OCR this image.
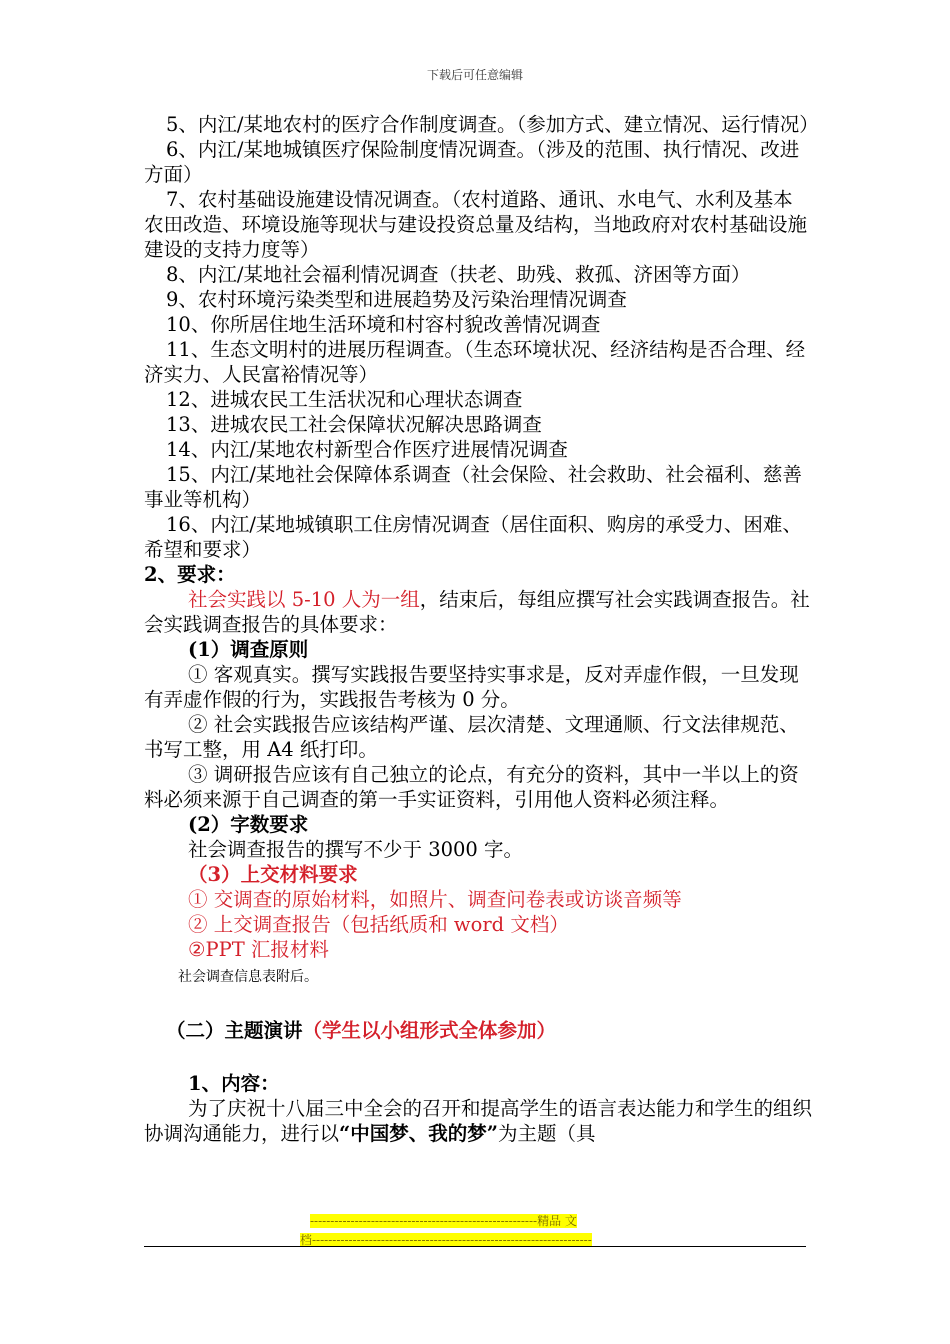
下载后可任意编辑

5、内江/某地农村的医疗合作制度调查。（参加方式、建立情况、运行情况）

6、内江/某地城镇医疗保险制度情况调查。（涉及的范围、执行情况、改进方面）

7、农村基础设施建设情况调查。（农村道路、通讯、水电气、水利及基本农田改造、环境设施等现状与建设投资总量及结构，当地政府对农村基础设施建设的支持力度等）

8、内江/某地社会福利情况调查（扶老、助残、救孤、济困等方面）

9、农村环境污染类型和进展趋势及污染治理情况调查

10、你所居住地生活环境和村容村貌改善情况调查

11、生态文明村的进展历程调查。（生态环境状况、经济结构是否合理、经济实力、人民富裕情况等）

12、进城农民工生活状况和心理状态调查

13、进城农民工社会保障状况解决思路调查

14、内江/某地农村新型合作医疗进展情况调查

15、内江/某地社会保障体系调查（社会保险、社会救助、社会福利、慈善事业等机构）

16、内江/某地城镇职工住房情况调查（居住面积、购房的承受力、困难、希望和要求）

2、要求：

社会实践以 5-10 人为一组，结束后，每组应撰写社会实践调查报告。社会实践调查报告的具体要求：

(1）调查原则

① 客观真实。撰写实践报告要坚持实事求是，反对弄虚作假，一旦发现有弄虚作假的行为，实践报告考核为 0 分。

② 社会实践报告应该结构严谨、层次清楚、文理通顺、行文法律规范、书写工整，用 A4 纸打印。

③ 调研报告应该有自己独立的论点，有充分的资料，其中一半以上的资料必须来源于自己调查的第一手实证资料，引用他人资料必须注释。

(2）字数要求

社会调查报告的撰写不少于 3000 字。

（3）上交材料要求

① 交调查的原始材料，如照片、调查问卷表或访谈音频等

② 上交调查报告（包括纸质和 word 文档）

②PPT 汇报材料

社会调查信息表附后。

（二）主题演讲（学生以小组形式全体参加）

1、内容：

为了庆祝十八届三中全会的召开和提高学生的语言表达能力和学生的组织协调沟通能力，进行以“中国梦、我的梦”为主题（具

--------------------------------------------------------精品 文
档---------------------------------------------------------------------
